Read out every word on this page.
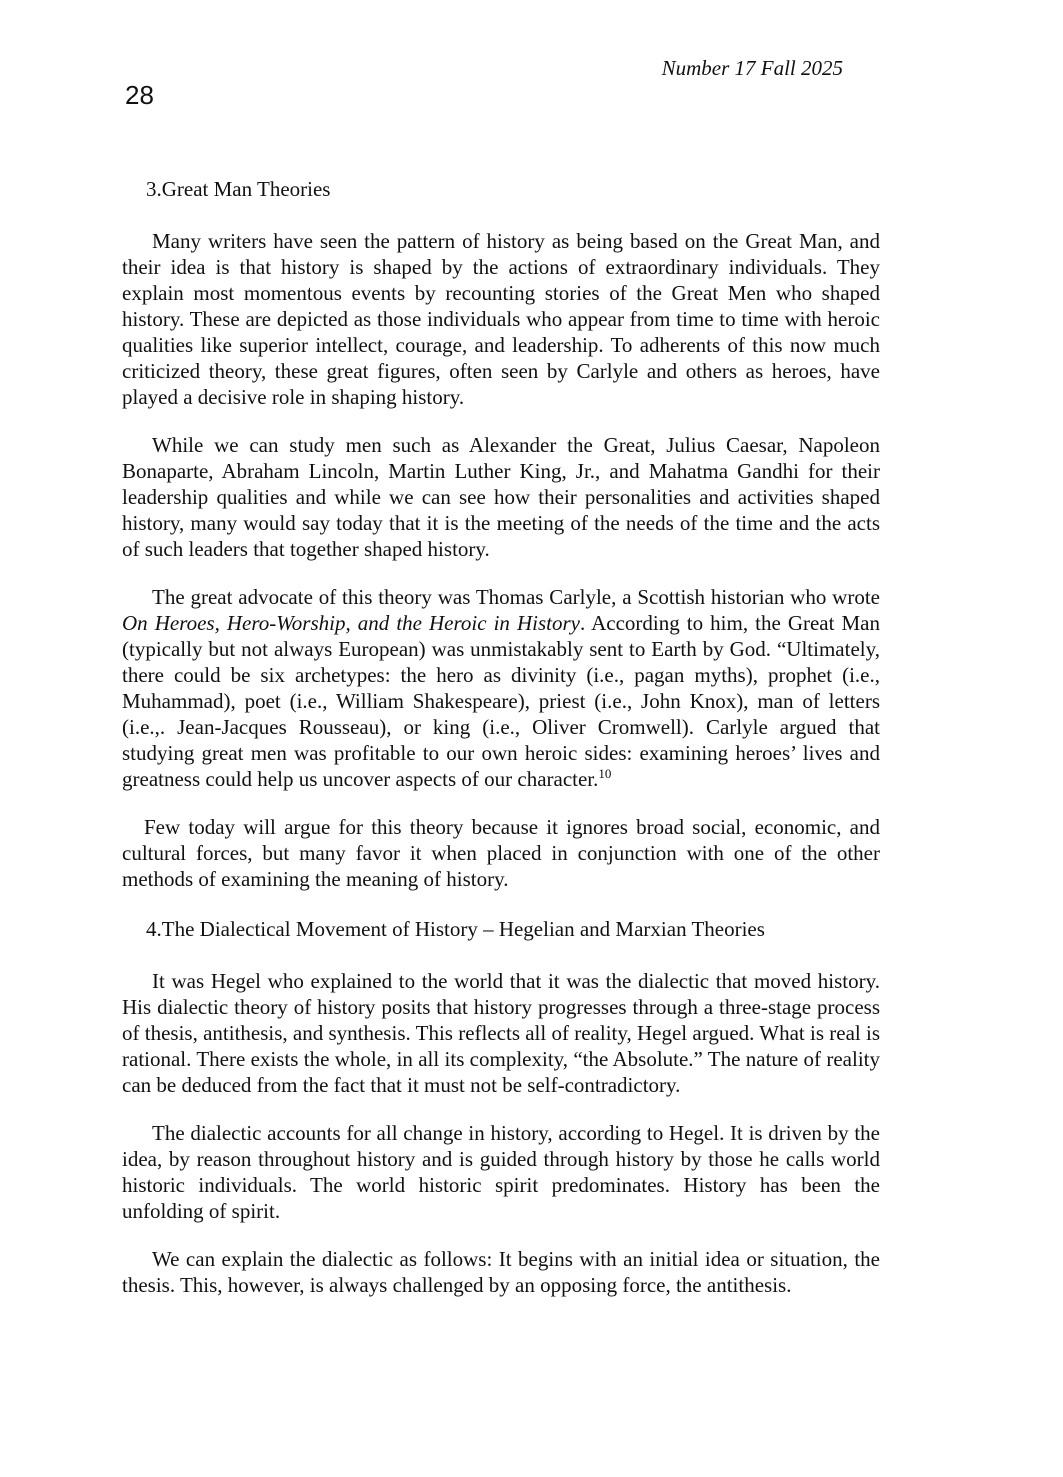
Number 17 Fall 2025
28
3.Great Man Theories

Many writers have seen the pattern of history as being based on the Great Man, and their idea is that history is shaped by the actions of extraordinary individuals. They explain most momentous events by recounting stories of the Great Men who shaped history. These are depicted as those individuals who appear from time to time with heroic qualities like superior intellect, courage, and leadership. To adherents of this now much criticized theory, these great figures, often seen by Carlyle and others as heroes, have played a decisive role in shaping history.

While we can study men such as Alexander the Great, Julius Caesar, Napoleon Bonaparte, Abraham Lincoln, Martin Luther King, Jr., and Mahatma Gandhi for their leadership qualities and while we can see how their personalities and activities shaped history, many would say today that it is the meeting of the needs of the time and the acts of such leaders that together shaped history.

The great advocate of this theory was Thomas Carlyle, a Scottish historian who wrote On Heroes, Hero-Worship, and the Heroic in History. According to him, the Great Man (typically but not always European) was unmistakably sent to Earth by God. “Ultimately, there could be six archetypes: the hero as divinity (i.e., pagan myths), prophet (i.e., Muhammad), poet (i.e., William Shakespeare), priest (i.e., John Knox), man of letters (i.e.,. Jean-Jacques Rousseau), or king (i.e., Oliver Cromwell). Carlyle argued that studying great men was profitable to our own heroic sides: examining heroes’ lives and greatness could help us uncover aspects of our character.$^{10}$

Few today will argue for this theory because it ignores broad social, economic, and cultural forces, but many favor it when placed in conjunction with one of the other methods of examining the meaning of history.

4.The Dialectical Movement of History – Hegelian and Marxian Theories

It was Hegel who explained to the world that it was the dialectic that moved history. His dialectic theory of history posits that history progresses through a three-stage process of thesis, antithesis, and synthesis. This reflects all of reality, Hegel argued. What is real is rational. There exists the whole, in all its complexity, “the Absolute.” The nature of reality can be deduced from the fact that it must not be self-contradictory.

The dialectic accounts for all change in history, according to Hegel. It is driven by the idea, by reason throughout history and is guided through history by those he calls world historic individuals. The world historic spirit predominates. History has been the unfolding of spirit.

We can explain the dialectic as follows: It begins with an initial idea or situation, the thesis. This, however, is always challenged by an opposing force, the antithesis.
